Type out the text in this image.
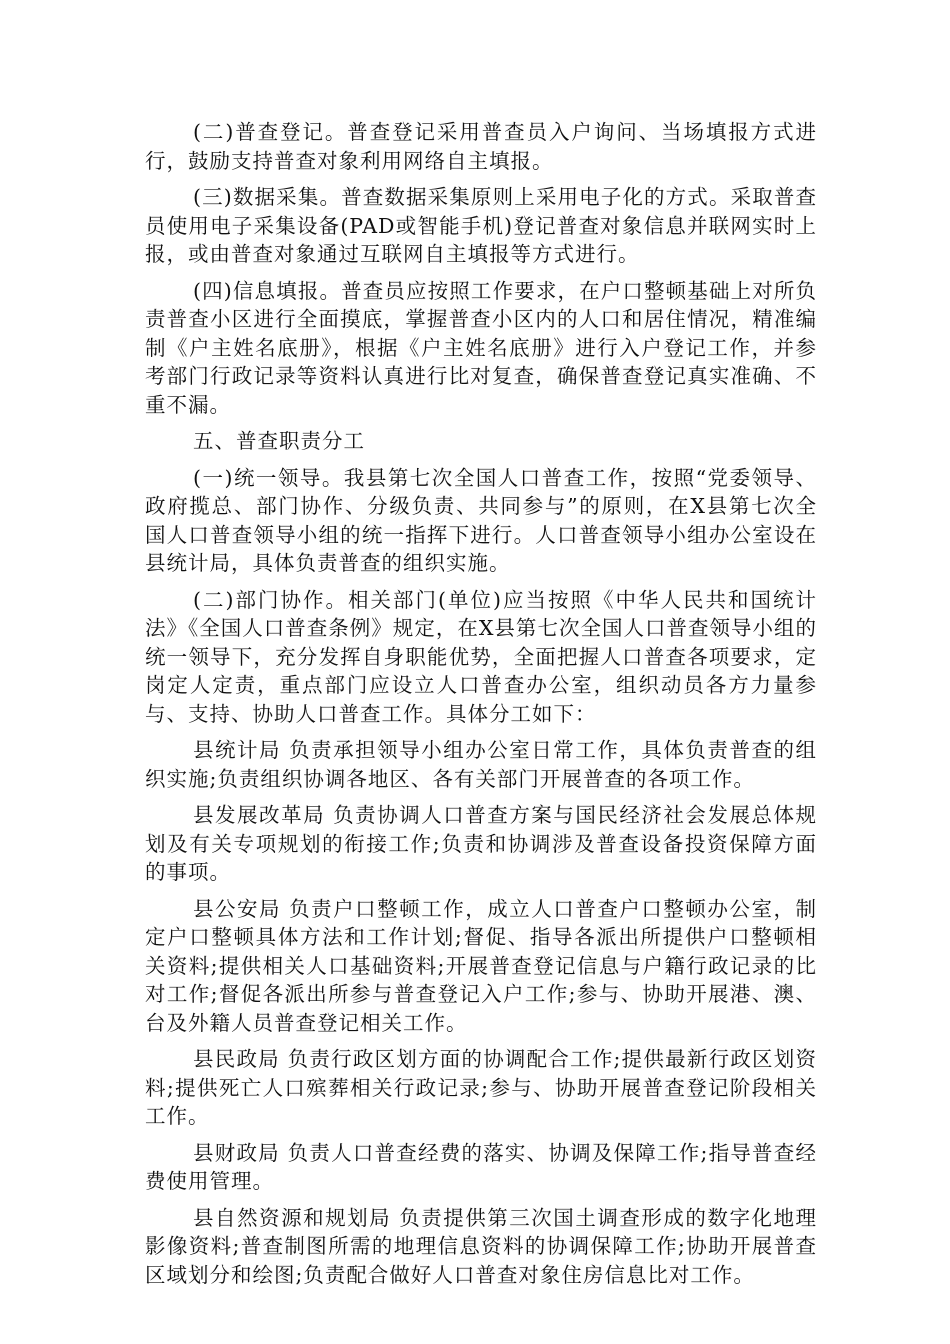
(二)普查登记。普查登记采用普查员入户询问、当场填报方式进行，鼓励支持普查对象利用网络自主填报。

(三)数据采集。普查数据采集原则上采用电子化的方式。采取普查员使用电子采集设备(PAD或智能手机)登记普查对象信息并联网实时上报，或由普查对象通过互联网自主填报等方式进行。

(四)信息填报。普查员应按照工作要求，在户口整顿基础上对所负责普查小区进行全面摸底，掌握普查小区内的人口和居住情况，精准编制《户主姓名底册》，根据《户主姓名底册》进行入户登记工作，并参考部门行政记录等资料认真进行比对复查，确保普查登记真实准确、不重不漏。

五、普查职责分工

(一)统一领导。我县第七次全国人口普查工作，按照“党委领导、政府揽总、部门协作、分级负责、共同参与”的原则，在X县第七次全国人口普查领导小组的统一指挥下进行。人口普查领导小组办公室设在县统计局，具体负责普查的组织实施。

(二)部门协作。相关部门(单位)应当按照《中华人民共和国统计法》《全国人口普查条例》规定，在X县第七次全国人口普查领导小组的统一领导下，充分发挥自身职能优势，全面把握人口普查各项要求，定岗定人定责，重点部门应设立人口普查办公室，组织动员各方力量参与、支持、协助人口普查工作。具体分工如下：

县统计局 负责承担领导小组办公室日常工作，具体负责普查的组织实施;负责组织协调各地区、各有关部门开展普查的各项工作。

县发展改革局 负责协调人口普查方案与国民经济社会发展总体规划及有关专项规划的衔接工作;负责和协调涉及普查设备投资保障方面的事项。

县公安局 负责户口整顿工作，成立人口普查户口整顿办公室，制定户口整顿具体方法和工作计划;督促、指导各派出所提供户口整顿相关资料;提供相关人口基础资料;开展普查登记信息与户籍行政记录的比对工作;督促各派出所参与普查登记入户工作;参与、协助开展港、澳、台及外籍人员普查登记相关工作。

县民政局 负责行政区划方面的协调配合工作;提供最新行政区划资料;提供死亡人口殡葬相关行政记录;参与、协助开展普查登记阶段相关工作。

县财政局 负责人口普查经费的落实、协调及保障工作;指导普查经费使用管理。

县自然资源和规划局 负责提供第三次国土调查形成的数字化地理影像资料;普查制图所需的地理信息资料的协调保障工作;协助开展普查区域划分和绘图;负责配合做好人口普查对象住房信息比对工作。
